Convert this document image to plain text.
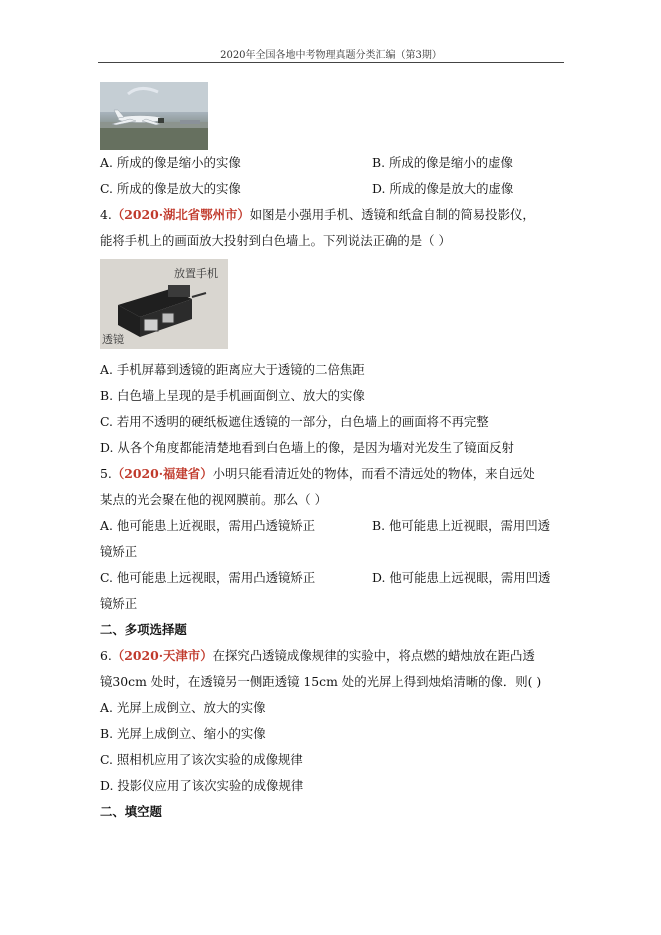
2020年全国各地中考物理真题分类汇编（第3期）
A. 所成的像是缩小的实像	B. 所成的像是缩小的虚像
C. 所成的像是放大的实像	D. 所成的像是放大的虚像
4.（2020·湖北省鄂州市）如图是小强用手机、透镜和纸盒自制的简易投影仪，
能将手机上的画面放大投射到白色墙上。下列说法正确的是（ ）
放置手机
透镜
A. 手机屏幕到透镜的距离应大于透镜的二倍焦距
B. 白色墙上呈现的是手机画面倒立、放大的实像
C. 若用不透明的硬纸板遮住透镜的一部分，白色墙上的画面将不再完整
D. 从各个角度都能清楚地看到白色墙上的像，是因为墙对光发生了镜面反射
5.（2020·福建省）小明只能看清近处的物体，而看不清远处的物体，来自远处
某点的光会聚在他的视网膜前。那么（ ）
A. 他可能患上近视眼，需用凸透镜矫正	B. 他可能患上近视眼，需用凹透
镜矫正
C. 他可能患上远视眼，需用凸透镜矫正	D. 他可能患上远视眼，需用凹透
镜矫正
二、多项选择题
6.（2020·天津市）在探究凸透镜成像规律的实验中，将点燃的蜡烛放在距凸透
镜30cm 处时，在透镜另一侧距透镜 15cm 处的光屏上得到烛焰清晰的像．则( )
A. 光屏上成倒立、放大的实像
B. 光屏上成倒立、缩小的实像
C. 照相机应用了该次实验的成像规律
D. 投影仪应用了该次实验的成像规律
二、填空题
